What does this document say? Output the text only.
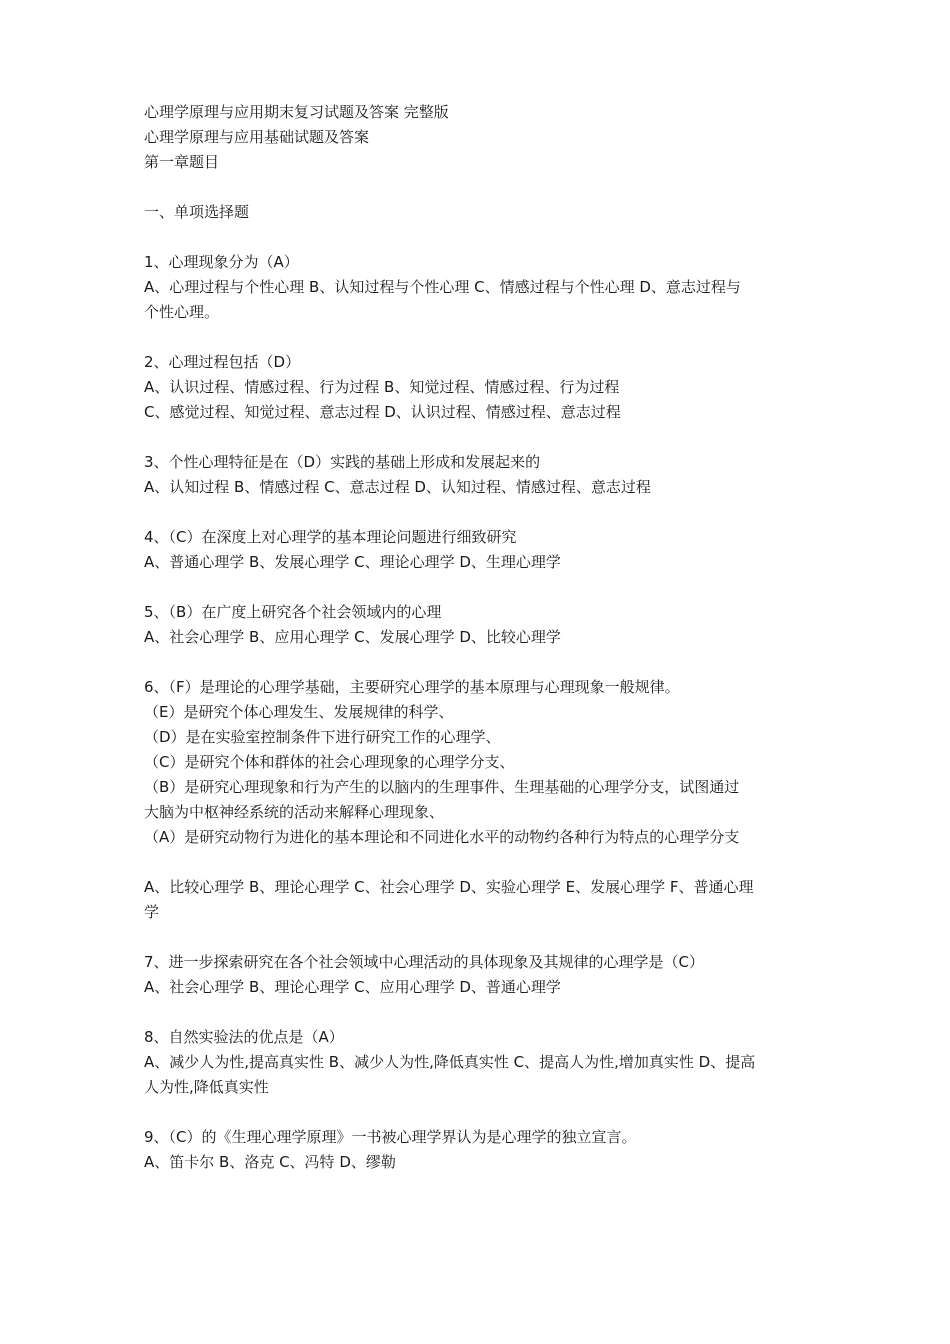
心理学原理与应用期末复习试题及答案 完整版
心理学原理与应用基础试题及答案
第一章题目
一、单项选择题
1、心理现象分为（A）
A、心理过程与个性心理 B、认知过程与个性心理 C、情感过程与个性心理 D、意志过程与
个性心理。
2、心理过程包括（D）
A、认识过程、情感过程、行为过程 B、知觉过程、情感过程、行为过程
C、感觉过程、知觉过程、意志过程 D、认识过程、情感过程、意志过程
3、个性心理特征是在（D）实践的基础上形成和发展起来的
A、认知过程 B、情感过程 C、意志过程 D、认知过程、情感过程、意志过程
4、（C）在深度上对心理学的基本理论问题进行细致研究
A、普通心理学 B、发展心理学 C、理论心理学 D、生理心理学
5、（B）在广度上研究各个社会领域内的心理
A、社会心理学 B、应用心理学 C、发展心理学 D、比较心理学
6、（F）是理论的心理学基础，主要研究心理学的基本原理与心理现象一般规律。
（E）是研究个体心理发生、发展规律的科学、
（D）是在实验室控制条件下进行研究工作的心理学、
（C）是研究个体和群体的社会心理现象的心理学分支、
（B）是研究心理现象和行为产生的以脑内的生理事件、生理基础的心理学分支，试图通过
大脑为中枢神经系统的活动来解释心理现象、
（A）是研究动物行为进化的基本理论和不同进化水平的动物约各种行为特点的心理学分支
A、比较心理学 B、理论心理学 C、社会心理学 D、实验心理学 E、发展心理学 F、普通心理
学
7、进一步探索研究在各个社会领域中心理活动的具体现象及其规律的心理学是（C）
A、社会心理学 B、理论心理学 C、应用心理学 D、普通心理学
8、自然实验法的优点是（A）
A、减少人为性,提高真实性 B、减少人为性,降低真实性 C、提高人为性,增加真实性 D、提高
人为性,降低真实性
9、（C）的《生理心理学原理》一书被心理学界认为是心理学的独立宣言。
A、笛卡尔 B、洛克 C、冯特 D、缪勒
